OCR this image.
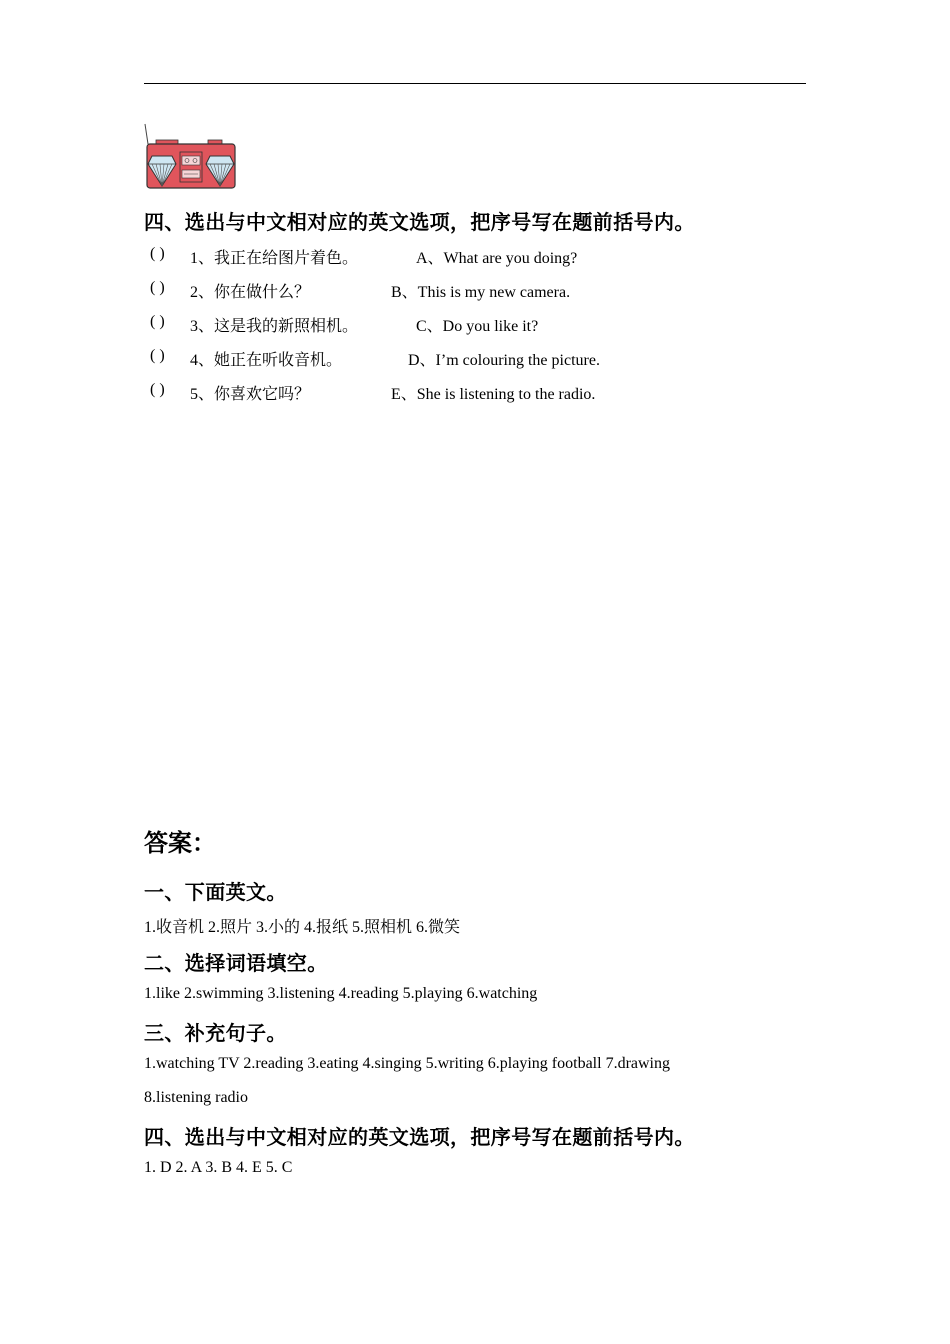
四、选出与中文相对应的英文选项，把序号写在题前括号内。
( ) 1、我正在给图片着色。	A、What are you doing?
( ) 2、你在做什么？	B、This is my new camera.
( ) 3、这是我的新照相机。	C、Do you like it?
( ) 4、她正在听收音机。	D、I’m colouring the picture.
( ) 5、你喜欢它吗？	E、She is listening to the radio.
答案：
一、下面英文。
1.收音机 2.照片 3.小的 4.报纸 5.照相机 6.微笑
二、选择词语填空。
1.like 2.swimming 3.listening 4.reading 5.playing 6.watching
三、补充句子。
1.watching TV 2.reading 3.eating 4.singing 5.writing 6.playing football 7.drawing
8.listening radio
四、选出与中文相对应的英文选项，把序号写在题前括号内。
1. D 2. A 3. B 4. E 5. C
